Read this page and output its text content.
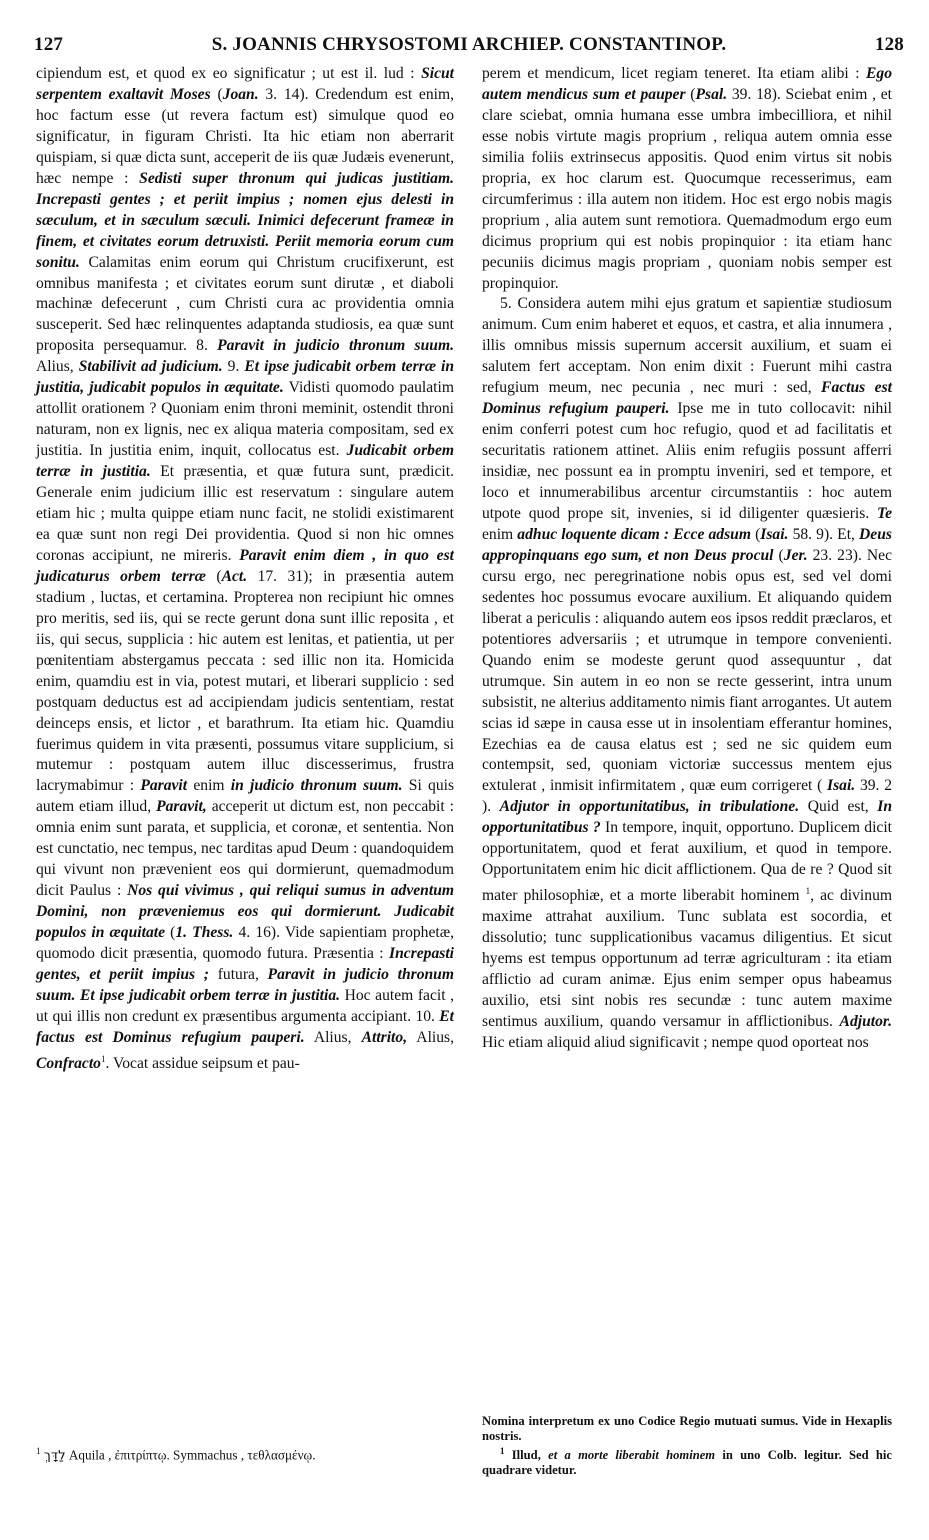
127	S. JOANNIS CHRYSOSTOMI ARCHIEP. CONSTANTINOP.	128

cipiendum est, et quod ex eo significatur ; ut est il. lud : Sicut serpentem exaltavit Moses (Joan. 3. 14). Credendum est enim, hoc factum esse (ut revera factum est) simulque quod eo significatur, in figuram Christi. Ita hic etiam non aberrarit quispiam, si quæ dicta sunt, acceperit de iis quæ Judæis evenerunt, hæc nempe : Sedisti super thronum qui judicas justitiam. Increpasti gentes ; et periit impius ; nomen ejus delesti in sæculum, et in sæculum sæculi. Inimici defecerunt frameæ in finem, et civitates eorum detruxisti. Periit memoria eorum cum sonitu. Calamitas enim eorum qui Christum crucifixerunt, est omnibus manifesta ; et civitates eorum sunt dirutæ , et diaboli machinæ defecerunt , cum Christi cura ac providentia omnia susceperit. Sed hæc relinquentes adaptanda studiosis, ea quæ sunt proposita persequamur. 8. Paravit in judicio thronum suum. Alius, Stabilivit ad judicium. 9. Et ipse judicabit orbem terræ in justitia, judicabit populos in æquitate. Vidisti quomodo paulatim attollit orationem ? Quoniam enim throni meminit, ostendit throni naturam, non ex lignis, nec ex aliqua materia compositam, sed ex justitia. In justitia enim, inquit, collocatus est. Judicabit orbem terræ in justitia. Et præsentia, et quæ futura sunt, prædicit. Generale enim judicium illic est reservatum : singulare autem etiam hic ; multa quippe etiam nunc facit, ne stolidi existimarent ea quæ sunt non regi Dei providentia. Quod si non hic omnes coronas accipiunt, ne mireris. Paravit enim diem , in quo est judicaturus orbem terræ (Act. 17. 31); in præsentia autem stadium , luctas, et certamina. Propterea non recipiunt hic omnes pro meritis, sed iis, qui se recte gerunt dona sunt illic reposita , et iis, qui secus, supplicia : hic autem est lenitas, et patientia, ut per pœnitentiam abstergamus peccata : sed illic non ita. Homicida enim, quamdiu est in via, potest mutari, et liberari supplicio : sed postquam deductus est ad accipiendam judicis sententiam, restat deinceps ensis, et lictor , et barathrum. Ita etiam hic. Quamdiu fuerimus quidem in vita præsenti, possumus vitare supplicium, si mutemur : postquam autem illuc discesserimus, frustra lacrymabimur : Paravit enim in judicio thronum suum. Si quis autem etiam illud, Paravit, acceperit ut dictum est, non peccabit : omnia enim sunt parata, et supplicia, et coronæ, et sententia. Non est cunctatio, nec tempus, nec tarditas apud Deum : quandoquidem qui vivunt non prævenient eos qui dormierunt, quemadmodum dicit Paulus : Nos qui vivimus , qui reliqui sumus in adventum Domini, non præveniemus eos qui dormierunt. Judicabit populos in æquitate (1. Thess. 4. 16). Vide sapientiam prophetæ, quomodo dicit præsentia, quomodo futura. Præsentia : Increpasti gentes, et periit impius ; futura, Paravit in judicio thronum suum. Et ipse judicabit orbem terræ in justitia. Hoc autem facit , ut qui illis non credunt ex præsentibus argumenta accipiant. 10. Et factus est Dominus refugium pauperi. Alius, Attrito, Alius, Confracto$^1$. Vocat assidue seipsum et pau-

$^1$ לַדָּךְ Aquila , ἐπιτρίπτῳ. Symmachus , τεθλασμένῳ.

perem et mendicum, licet regiam teneret. Ita etiam alibi : Ego autem mendicus sum et pauper (Psal. 39. 18). Sciebat enim , et clare sciebat, omnia humana esse umbra imbecilliora, et nihil esse nobis virtute magis proprium , reliqua autem omnia esse similia foliis extrinsecus appositis. Quod enim virtus sit nobis propria, ex hoc clarum est. Quocumque recesserimus, eam circumferimus : illa autem non itidem. Hoc est ergo nobis magis proprium , alia autem sunt remotiora. Quemadmodum ergo eum dicimus proprium qui est nobis propinquior : ita etiam hanc pecuniis dicimus magis propriam , quoniam nobis semper est propinquior.

5. Considera autem mihi ejus gratum et sapientiæ studiosum animum. Cum enim haberet et equos, et castra, et alia innumera , illis omnibus missis supernum accersit auxilium, et suam ei salutem fert acceptam. Non enim dixit : Fuerunt mihi castra refugium meum, nec pecunia , nec muri : sed, Factus est Dominus refugium pauperi. Ipse me in tuto collocavit: nihil enim conferri potest cum hoc refugio, quod et ad facilitatis et securitatis rationem attinet. Aliis enim refugiis possunt afferri insidiæ, nec possunt ea in promptu inveniri, sed et tempore, et loco et innumerabilibus arcentur circumstantiis : hoc autem utpote quod prope sit, invenies, si id diligenter quæsieris. Te enim adhuc loquente dicam : Ecce adsum (Isai. 58. 9). Et, Deus appropinquans ego sum, et non Deus procul (Jer. 23. 23). Nec cursu ergo, nec peregrinatione nobis opus est, sed vel domi sedentes hoc possumus evocare auxilium. Et aliquando quidem liberat a periculis : aliquando autem eos ipsos reddit præclaros, et potentiores adversariis ; et utrumque in tempore convenienti. Quando enim se modeste gerunt quod assequuntur , dat utrumque. Sin autem in eo non se recte gesserint, intra unum subsistit, ne alterius additamento nimis fiant arrogantes. Ut autem scias id sæpe in causa esse ut in insolentiam efferantur homines, Ezechias ea de causa elatus est ; sed ne sic quidem eum contempsit, sed, quoniam victoriæ successus mentem ejus extulerat , inmisit infirmitatem , quæ eum corrigeret ( Isai. 39. 2 ). Adjutor in opportunitatibus, in tribulatione. Quid est, In opportunitatibus ? In tempore, inquit, opportuno. Duplicem dicit opportunitatem, quod et ferat auxilium, et quod in tempore. Opportunitatem enim hic dicit afflictionem. Qua de re ? Quod sit mater philosophiæ, et a morte liberabit hominem $^1$, ac divinum maxime attrahat auxilium. Tunc sublata est socordia, et dissolutio; tunc supplicationibus vacamus diligentius. Et sicut hyems est tempus opportunum ad terræ agriculturam : ita etiam afflictio ad curam animæ. Ejus enim semper opus habeamus auxilio, etsi sint nobis res secundæ : tunc autem maxime sentimus auxilium, quando versamur in afflictionibus. Adjutor. Hic etiam aliquid aliud significavit ; nempe quod oporteat nos

Nomina interpretum ex uno Codice Regio mutuati sumus. Vide in Hexaplis nostris.

$^1$ Illud, et a morte liberabit hominem in uno Colb. legitur. Sed hic quadrare videtur.
